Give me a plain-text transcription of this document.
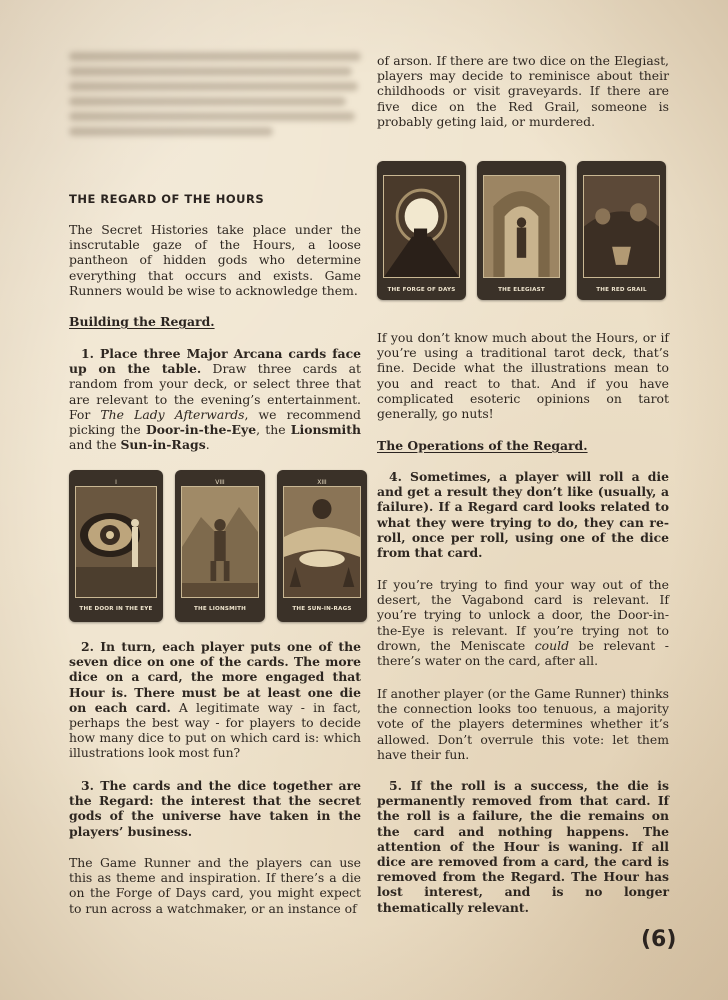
THE REGARD OF THE HOURS

The Secret Histories take place under the inscrutable gaze of the Hours, a loose pantheon of hidden gods who determine everything that occurs and exists. Game Runners would be wise to acknowledge them.

Building the Regard.

1. Place three Major Arcana cards face up on the table. Draw three cards at random from your deck, or select three that are relevant to the evening’s entertainment. For The Lady Afterwards, we recommend picking the Door-in-the-Eye, the Lionsmith and the Sun-in-Rags.

I
THE DOOR IN THE EYE
VIII
THE LIONSMITH
XIII
THE SUN-IN-RAGS

2. In turn, each player puts one of the seven dice on one of the cards. The more dice on a card, the more engaged that Hour is. There must be at least one die on each card. A legitimate way - in fact, perhaps the best way - for players to decide how many dice to put on which card is: which illustrations look most fun?

3. The cards and the dice together are the Regard: the interest that the secret gods of the universe have taken in the players’ business.

The Game Runner and the players can use this as theme and inspiration. If there’s a die on the Forge of Days card, you might expect to run across a watchmaker, or an instance of

of arson. If there are two dice on the Elegiast, players may decide to reminisce about their childhoods or visit graveyards. If there are five dice on the Red Grail, someone is probably geting laid, or murdered.

THE FORGE OF DAYS	THE ELEGIAST	THE RED GRAIL

If you don’t know much about the Hours, or if you’re using a traditional tarot deck, that’s fine. Decide what the illustrations mean to you and react to that. And if you have complicated esoteric opinions on tarot generally, go nuts!

The Operations of the Regard.

4. Sometimes, a player will roll a die and get a result they don’t like (usually, a failure). If a Regard card looks related to what they were trying to do, they can re-roll, once per roll, using one of the dice from that card.

If you’re trying to find your way out of the desert, the Vagabond card is relevant. If you’re trying to unlock a door, the Door-in-the-Eye is relevant. If you’re trying not to drown, the Meniscate could be relevant - there’s water on the card, after all.

If another player (or the Game Runner) thinks the connection looks too tenuous, a majority vote of the players determines whether it’s allowed. Don’t overrule this vote: let them have their fun.

5. If the roll is a success, the die is permanently removed from that card. If the roll is a failure, the die remains on the card and nothing happens. The attention of the Hour is waning. If all dice are removed from a card, the card is removed from the Regard. The Hour has lost interest, and is no longer thematically relevant.

(6)
